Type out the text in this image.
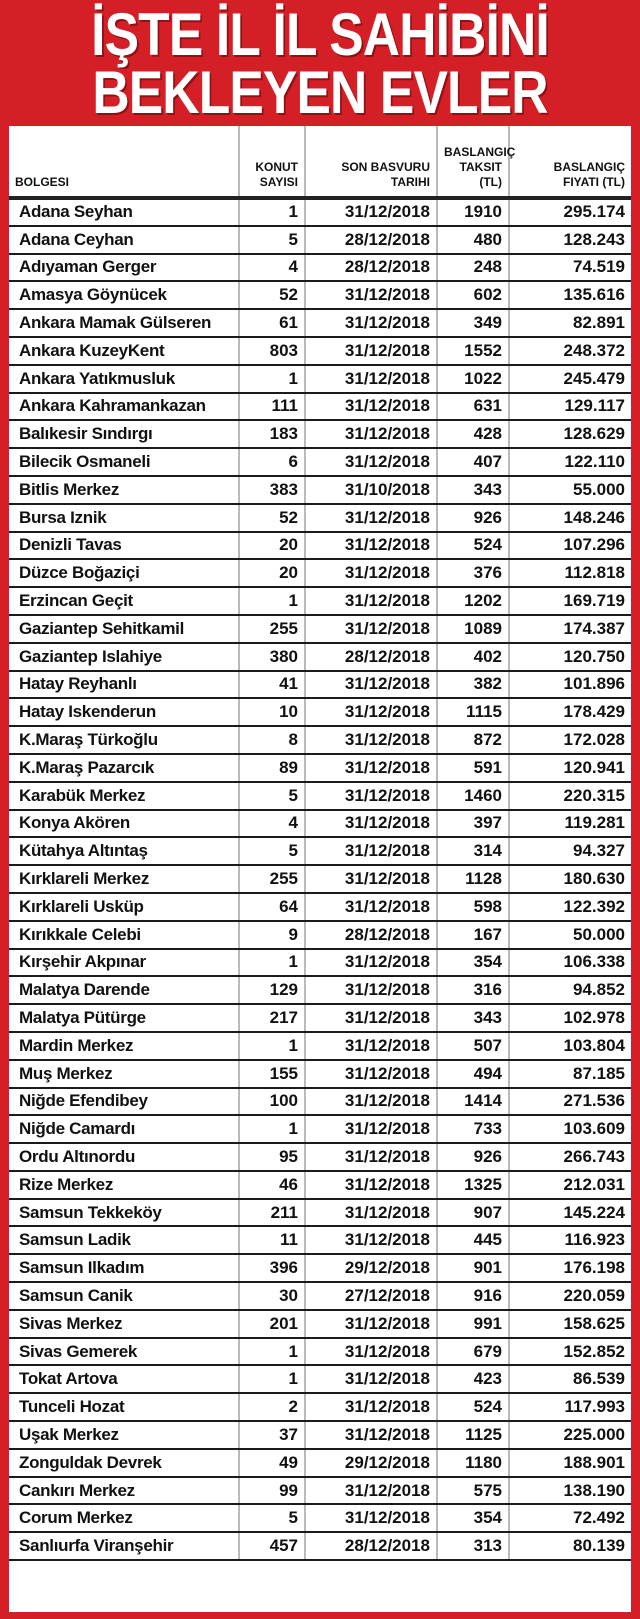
İŞTE İL İL SAHİBİNİ
BEKLEYEN EVLER
BOLGESI	KONUT SAYISI	SON BASVURU TARIHI	BASLANGIÇ TAKSIT (TL)	BASLANGIÇ FIYATI (TL)
Adana Seyhan	1	31/12/2018	1910	295.174
Adana Ceyhan	5	28/12/2018	480	128.243
Adıyaman Gerger	4	28/12/2018	248	74.519
Amasya Göynücek	52	31/12/2018	602	135.616
Ankara Mamak Gülseren	61	31/12/2018	349	82.891
Ankara KuzeyKent	803	31/12/2018	1552	248.372
Ankara Yatıkmusluk	1	31/12/2018	1022	245.479
Ankara Kahramankazan	111	31/12/2018	631	129.117
Balıkesir Sındırgı	183	31/12/2018	428	128.629
Bilecik Osmaneli	6	31/12/2018	407	122.110
Bitlis Merkez	383	31/10/2018	343	55.000
Bursa Iznik	52	31/12/2018	926	148.246
Denizli Tavas	20	31/12/2018	524	107.296
Düzce Boğaziçi	20	31/12/2018	376	112.818
Erzincan Geçit	1	31/12/2018	1202	169.719
Gaziantep Sehitkamil	255	31/12/2018	1089	174.387
Gaziantep Islahiye	380	28/12/2018	402	120.750
Hatay Reyhanlı	41	31/12/2018	382	101.896
Hatay Iskenderun	10	31/12/2018	1115	178.429
K.Maraş Türkoğlu	8	31/12/2018	872	172.028
K.Maraş Pazarcık	89	31/12/2018	591	120.941
Karabük Merkez	5	31/12/2018	1460	220.315
Konya Akören	4	31/12/2018	397	119.281
Kütahya Altıntaş	5	31/12/2018	314	94.327
Kırklareli Merkez	255	31/12/2018	1128	180.630
Kırklareli Usküp	64	31/12/2018	598	122.392
Kırıkkale Celebi	9	28/12/2018	167	50.000
Kırşehir Akpınar	1	31/12/2018	354	106.338
Malatya Darende	129	31/12/2018	316	94.852
Malatya Pütürge	217	31/12/2018	343	102.978
Mardin Merkez	1	31/12/2018	507	103.804
Muş Merkez	155	31/12/2018	494	87.185
Niğde Efendibey	100	31/12/2018	1414	271.536
Niğde Camardı	1	31/12/2018	733	103.609
Ordu Altınordu	95	31/12/2018	926	266.743
Rize Merkez	46	31/12/2018	1325	212.031
Samsun Tekkeköy	211	31/12/2018	907	145.224
Samsun Ladik	11	31/12/2018	445	116.923
Samsun Ilkadım	396	29/12/2018	901	176.198
Samsun Canik	30	27/12/2018	916	220.059
Sivas Merkez	201	31/12/2018	991	158.625
Sivas Gemerek	1	31/12/2018	679	152.852
Tokat Artova	1	31/12/2018	423	86.539
Tunceli Hozat	2	31/12/2018	524	117.993
Uşak Merkez	37	31/12/2018	1125	225.000
Zonguldak Devrek	49	29/12/2018	1180	188.901
Cankırı Merkez	99	31/12/2018	575	138.190
Corum Merkez	5	31/12/2018	354	72.492
Sanlıurfa Viranşehir	457	28/12/2018	313	80.139
